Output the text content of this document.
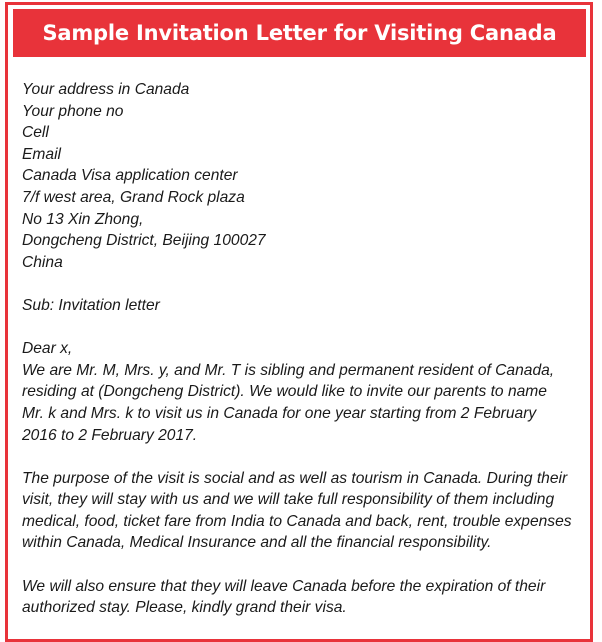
Sample Invitation Letter for Visiting Canada
Your address in Canada
Your phone no
Cell
Email
Canada Visa application center
7/f west area, Grand Rock plaza
No 13 Xin Zhong,
Dongcheng District, Beijing 100027
China
Sub: Invitation letter
Dear x,
We are Mr. M, Mrs. y, and Mr. T is sibling and permanent resident of Canada,
residing at (Dongcheng District). We would like to invite our parents to name
Mr. k and Mrs. k to visit us in Canada for one year starting from 2 February
2016 to 2 February 2017.
The purpose of the visit is social and as well as tourism in Canada. During their
visit, they will stay with us and we will take full responsibility of them including
medical, food, ticket fare from India to Canada and back, rent, trouble expenses
within Canada, Medical Insurance and all the financial responsibility.
We will also ensure that they will leave Canada before the expiration of their
authorized stay. Please, kindly grand their visa.
